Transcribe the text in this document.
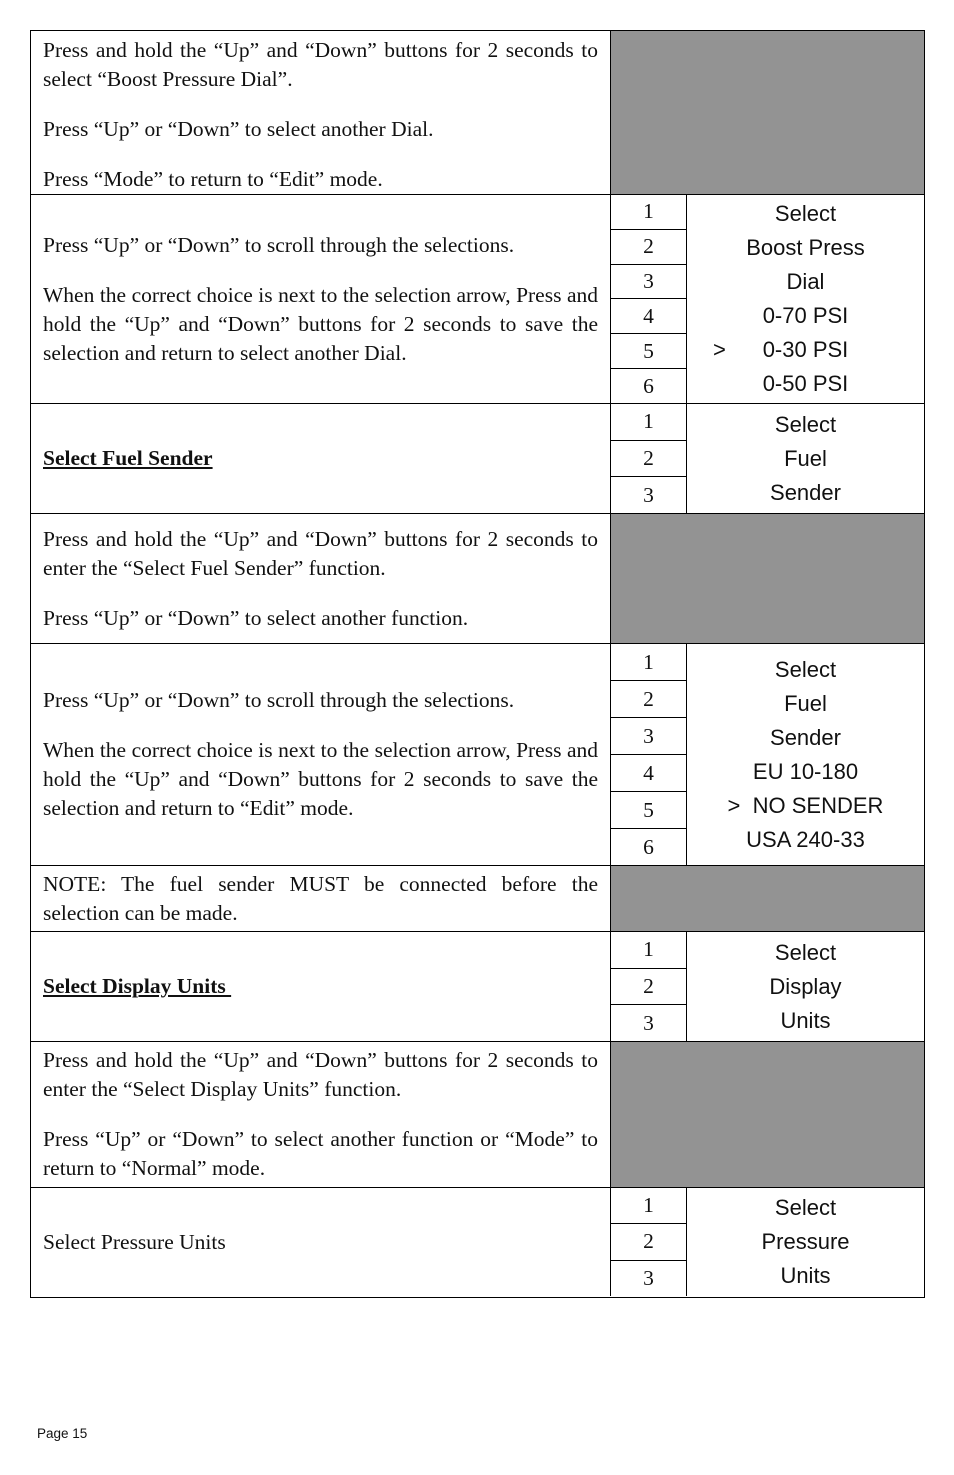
Press and hold the “Up” and “Down” buttons for 2 seconds to select “Boost Pressure Dial”.

Press “Up” or “Down” to select another Dial.

Press “Mode” to return to “Edit” mode.

Press “Up” or “Down” to scroll through the selections.

When the correct choice is next to the selection arrow, Press and hold the “Up” and “Down” buttons for 2 seconds to save the selection and return to select another Dial.

1
2
3
4
5
6
Select
Boost Press
Dial
0-70 PSI
> 0-30 PSI
0-50 PSI
Select Fuel Sender
1
2
3
Select
Fuel
Sender

Press and hold the “Up” and “Down” buttons for 2 seconds to enter the “Select Fuel Sender” function.

Press “Up” or “Down” to select another function.

Press “Up” or “Down” to scroll through the selections.

When the correct choice is next to the selection arrow, Press and hold the “Up” and “Down” buttons for 2 seconds to save the selection and return to “Edit” mode.

1
2
3
4
5
6
Select
Fuel
Sender
EU 10-180
> NO SENDER
USA 240-33

NOTE: The fuel sender MUST be connected before the selection can be made.

Select Display Units
1
2
3
Select
Display
Units

Press and hold the “Up” and “Down” buttons for 2 seconds to enter the “Select Display Units” function.

Press “Up” or “Down” to select another function or “Mode” to return to “Normal” mode.

Select Pressure Units
1
2
3
Select
Pressure
Units
Page 15
